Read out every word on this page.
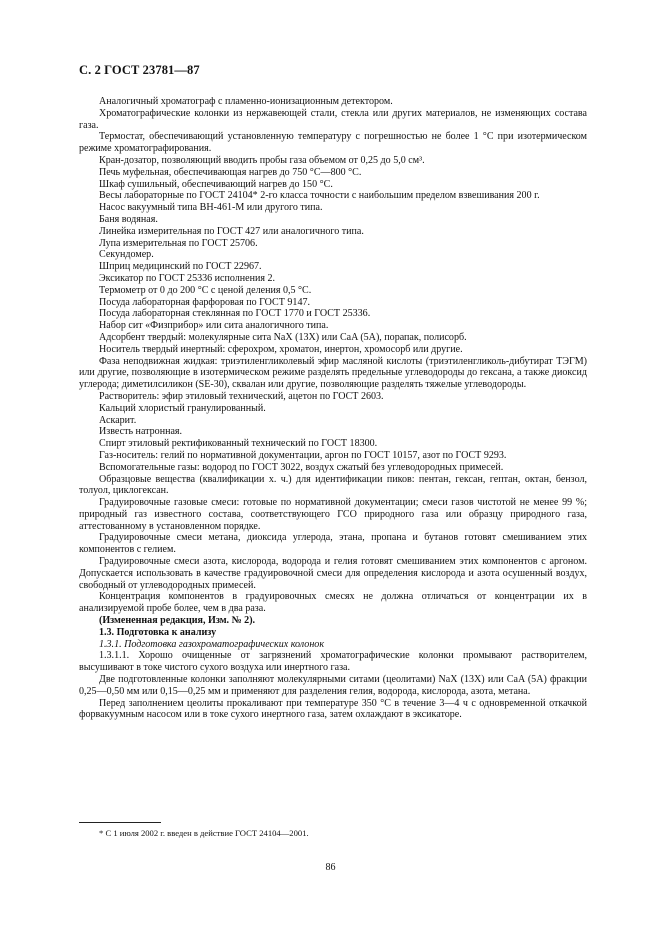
С. 2 ГОСТ 23781—87

Аналогичный хроматограф с пламенно-ионизационным детектором.

Хроматографические колонки из нержавеющей стали, стекла или других материалов, не изменяющих состава газа.

Термостат, обеспечивающий установленную температуру с погрешностью не более 1 °С при изотермическом режиме хроматографирования.

Кран-дозатор, позволяющий вводить пробы газа объемом от 0,25 до 5,0 см³.

Печь муфельная, обеспечивающая нагрев до 750 °С—800 °С.

Шкаф сушильный, обеспечивающий нагрев до 150 °С.

Весы лабораторные по ГОСТ 24104* 2-го класса точности с наибольшим пределом взвешивания 200 г.

Насос вакуумный типа ВН-461-М или другого типа.

Баня водяная.

Линейка измерительная по ГОСТ 427 или аналогичного типа.

Лупа измерительная по ГОСТ 25706.

Секундомер.

Шприц медицинский по ГОСТ 22967.

Эксикатор по ГОСТ 25336 исполнения 2.

Термометр от 0 до 200 °С с ценой деления 0,5 °С.

Посуда лабораторная фарфоровая по ГОСТ 9147.

Посуда лабораторная стеклянная по ГОСТ 1770 и ГОСТ 25336.

Набор сит «Физприбор» или сита аналогичного типа.

Адсорбент твердый: молекулярные сита NaX (13X) или CaA (5А), порапак, полисорб.

Носитель твердый инертный: сферохром, хроматон, инертон, хромосорб или другие.

Фаза неподвижная жидкая: триэтиленгликолевый эфир масляной кислоты (триэтиленгликоль-дибутират ТЭГМ) или другие, позволяющие в изотермическом режиме разделять предельные углеводороды до гексана, а также диоксид углерода; диметилсиликон (SE-30), сквалан или другие, позволяющие разделять тяжелые углеводороды.

Растворитель: эфир этиловый технический, ацетон по ГОСТ 2603.

Кальций хлористый гранулированный.

Аскарит.

Известь натронная.

Спирт этиловый ректификованный технический по ГОСТ 18300.

Газ-носитель: гелий по нормативной документации, аргон по ГОСТ 10157, азот по ГОСТ 9293.

Вспомогательные газы: водород по ГОСТ 3022, воздух сжатый без углеводородных примесей.

Образцовые вещества (квалификации х. ч.) для идентификации пиков: пентан, гексан, гептан, октан, бензол, толуол, циклогексан.

Градуировочные газовые смеси: готовые по нормативной документации; смеси газов чистотой не менее 99 %; природный газ известного состава, соответствующего ГСО природного газа или образцу природного газа, аттестованному в установленном порядке.

Градуировочные смеси метана, диоксида углерода, этана, пропана и бутанов готовят смешиванием этих компонентов с гелием.

Градуировочные смеси азота, кислорода, водорода и гелия готовят смешиванием этих компонентов с аргоном. Допускается использовать в качестве градуировочной смеси для определения кислорода и азота осушенный воздух, свободный от углеводородных примесей.

Концентрация компонентов в градуировочных смесях не должна отличаться от концентрации их в анализируемой пробе более, чем в два раза.

(Измененная редакция, Изм. № 2).

1.3. Подготовка к анализу

1.3.1. Подготовка газохроматографических колонок

1.3.1.1. Хорошо очищенные от загрязнений хроматографические колонки промывают растворителем, высушивают в токе чистого сухого воздуха или инертного газа.

Две подготовленные колонки заполняют молекулярными ситами (цеолитами) NaX (13X) или CaA (5А) фракции 0,25—0,50 мм или 0,15—0,25 мм и применяют для разделения гелия, водорода, кислорода, азота, метана.

Перед заполнением цеолиты прокаливают при температуре 350 °С в течение 3—4 ч с одновременной откачкой форвакуумным насосом или в токе сухого инертного газа, затем охлаждают в эксикаторе.

* С 1 июля 2002 г. введен в действие ГОСТ 24104—2001.
86
